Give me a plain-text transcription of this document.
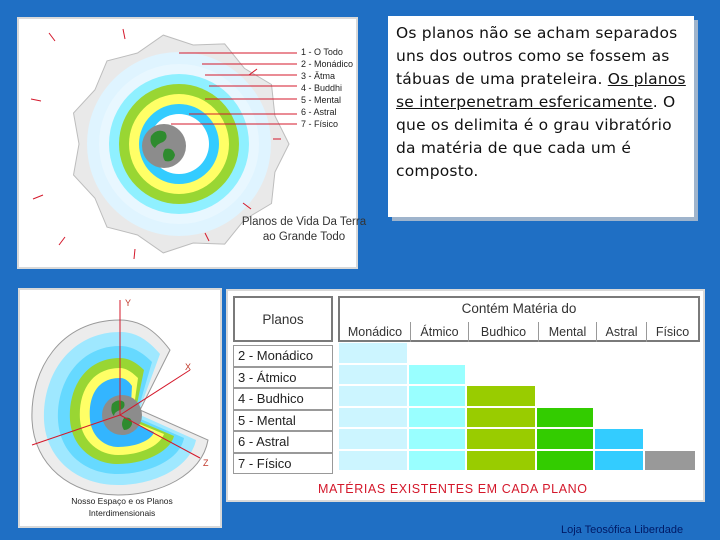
1 - O Todo
2 - Monádico
3 - Ätma
4 - Buddhi
5 - Mental
6 - Astral
7 - Físico
Planos de Vida Da Terra ao Grande Todo

Os planos não se acham separados uns dos outros como se fossem as tábuas de uma prateleira. Os planos se interpenetram esfericamente. O que os delimita é o grau vibratório da matéria de que cada um é composto.

Y
X
Z
Nosso Espaço e os Planos Interdimensionais
Planos
2 - Monádico
3 - Átmico
4 - Budhico
5 - Mental
6 - Astral
7 - Físico
Contém Matéria do
Monádico	Átmico	Budhico	Mental	Astral	Físico
MATÉRIAS EXISTENTES EM CADA PLANO
Loja Teosófica Liberdade
